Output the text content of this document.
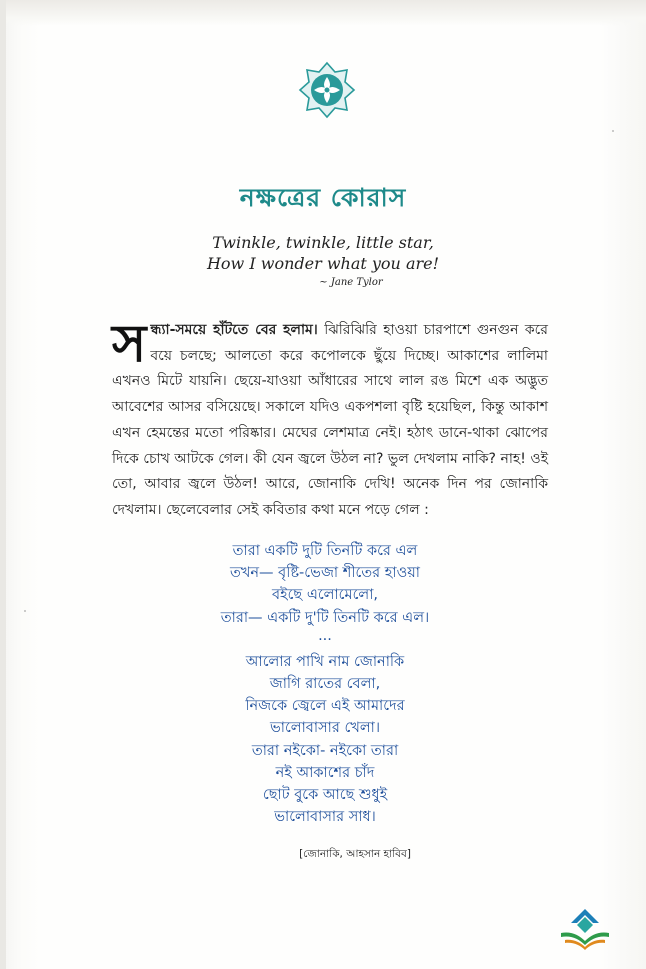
নক্ষত্রের কোরাস
Twinkle, twinkle, little star,
How I wonder what you are!
~ Jane Tylor
সন্ধ্যা-সময়ে হাঁটতে বের হলাম। ঝিরিঝিরি হাওয়া চারপাশে গুনগুন করে বয়ে চলছে; আলতো করে কপোলকে ছুঁয়ে দিচ্ছে। আকাশের লালিমা এখনও মিটে যায়নি। ছেয়ে-যাওয়া আঁধারের সাথে লাল রঙ মিশে এক অদ্ভুত আবেশের আসর বসিয়েছে। সকালে যদিও একপশলা বৃষ্টি হয়েছিল, কিন্তু আকাশ এখন হেমন্তের মতো পরিষ্কার। মেঘের লেশমাত্র নেই। হঠাৎ ডানে-থাকা ঝোপের দিকে চোখ আটকে গেল। কী যেন জ্বলে উঠল না? ভুল দেখলাম নাকি? নাহ! ওই তো, আবার জ্বলে উঠল! আরে, জোনাকি দেখি! অনেক দিন পর জোনাকি দেখলাম। ছেলেবেলার সেই কবিতার কথা মনে পড়ে গেল :
তারা একটি দুটি তিনটি করে এল
তখন— বৃষ্টি-ভেজা শীতের হাওয়া
বইছে এলোমেলো,
তারা— একটি দু'টি তিনটি করে এল।
...
আলোর পাখি নাম জোনাকি
জাগি রাতের বেলা,
নিজকে জ্বেলে এই আমাদের
ভালোবাসার খেলা।
তারা নইকো- নইকো তারা
নই আকাশের চাঁদ
ছোট বুকে আছে শুধুই
ভালোবাসার সাধ।
[জোনাকি, আহসান হাবিব]
